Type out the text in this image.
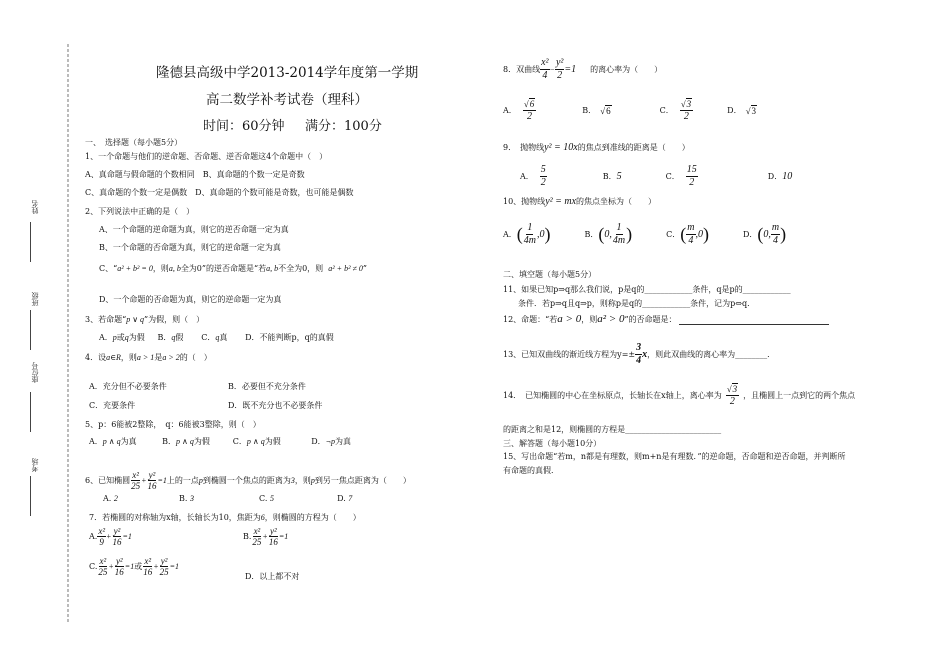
姓名
班级
座位号
考场
隆德县高级中学2013-2014学年度第一学期
高二数学补考试卷（理科）
时间：60分钟 满分：100分
一、　选择题（每小题5分）
1、一个命题与他们的逆命题、否命题、逆否命题这4个命题中（　）
A、真命题与假命题的个数相同　B、真命题的个数一定是奇数
C、真命题的个数一定是偶数　D、真命题的个数可能是奇数，也可能是偶数
2、下列说法中正确的是（　）
A、一个命题的逆命题为真，则它的逆否命题一定为真
B、一个命题的否命题为真，则它的逆命题一定为真
C、“a² + b² = 0，则a, b全为0”的逆否命题是“若a, b不全为0，则 a² + b² ≠ 0”
D、一个命题的否命题为真，则它的逆命题一定为真
3、若命题“p ∨ q”为假，则（　）
A．p或q为假 B．q假 C．q真 D．不能判断p，q的真假
4．设a∈R，则a > 1是a > 2的（　）
A．充分但不必要条件	B．必要但不充分条件
C．充要条件	D．既不充分也不必要条件
5、p：6能被2整除，　q：6能被3整除，则（　）
A．p ∧ q为真	B．p ∧ q为假	C．p ∧ q为假	D．¬p为真
6、已知椭圆 $\frac{\text{x²}}{25} + \frac{\text{y²}}{16} =1$ 上的一点 p 到椭圆一个焦点的距离为 3 ，则 p 到另一焦点距离为（　　）
A. 2	B. 3	C. 5	D. 7
7．若椭圆的对称轴为x轴，长轴长为10，焦距为6，则椭圆的方程为（　　）
A. $\frac{\text{x²}}{9} + \frac{\text{y²}}{16} =1$	B. $\frac{\text{x²}}{25} + \frac{\text{y²}}{16} =1$
C. $\frac{\text{x²}}{25} + \frac{\text{y²}}{16} =1$ 或 $\frac{\text{x²}}{16} + \frac{\text{y²}}{25} =1$
D．以上都不对
8．双曲线 $\frac{\text{x²}}{4} - \frac{\text{y²}}{2} =1$ 的离心率为（　　）
A． $\frac{√6}{2}$	B． √6	C． $\frac{√3}{2}$	D． √3
9．　抛物线y² = 10x的焦点到准线的距离是（　　）
A． $\frac{5}{2}$	B． 5	C． $\frac{15}{2}$	D． 10
10、抛物线y² = mx的焦点坐标为（　　）
A． ( $\frac{1}{4m}$ , 0 )	B． ( 0 , $\frac{1}{4m}$ )	C． ( $\frac{m}{4}$ , 0 )	D． ( 0 , $\frac{m}{4}$ )
二、填空题（每小题5分）
11、如果已知p⇒q那么我们说，p是q的____________条件，q是p的____________
条件．若p⇒q且q⇒p，则称p是q的____________条件，记为p⇔q．
12、命题：“若a > 0，则a² > 0”的否命题是：
13、已知双曲线的渐近线方程为$y=\pm \frac{3}{4}$ x ，则此双曲线的离心率为________．
14．　已知椭圆的中心在坐标原点，长轴长在x轴上，离心率为 $\frac{√3}{2}$ ，且椭圆上一点到它的两个焦点
的距离之和是12，则椭圆的方程是________________________
三、解答题（每小题10分）
15、写出命题“若m，n都是有理数，则m+n是有理数．”的逆命题，否命题和逆否命题，并判断所
有命题的真假．
